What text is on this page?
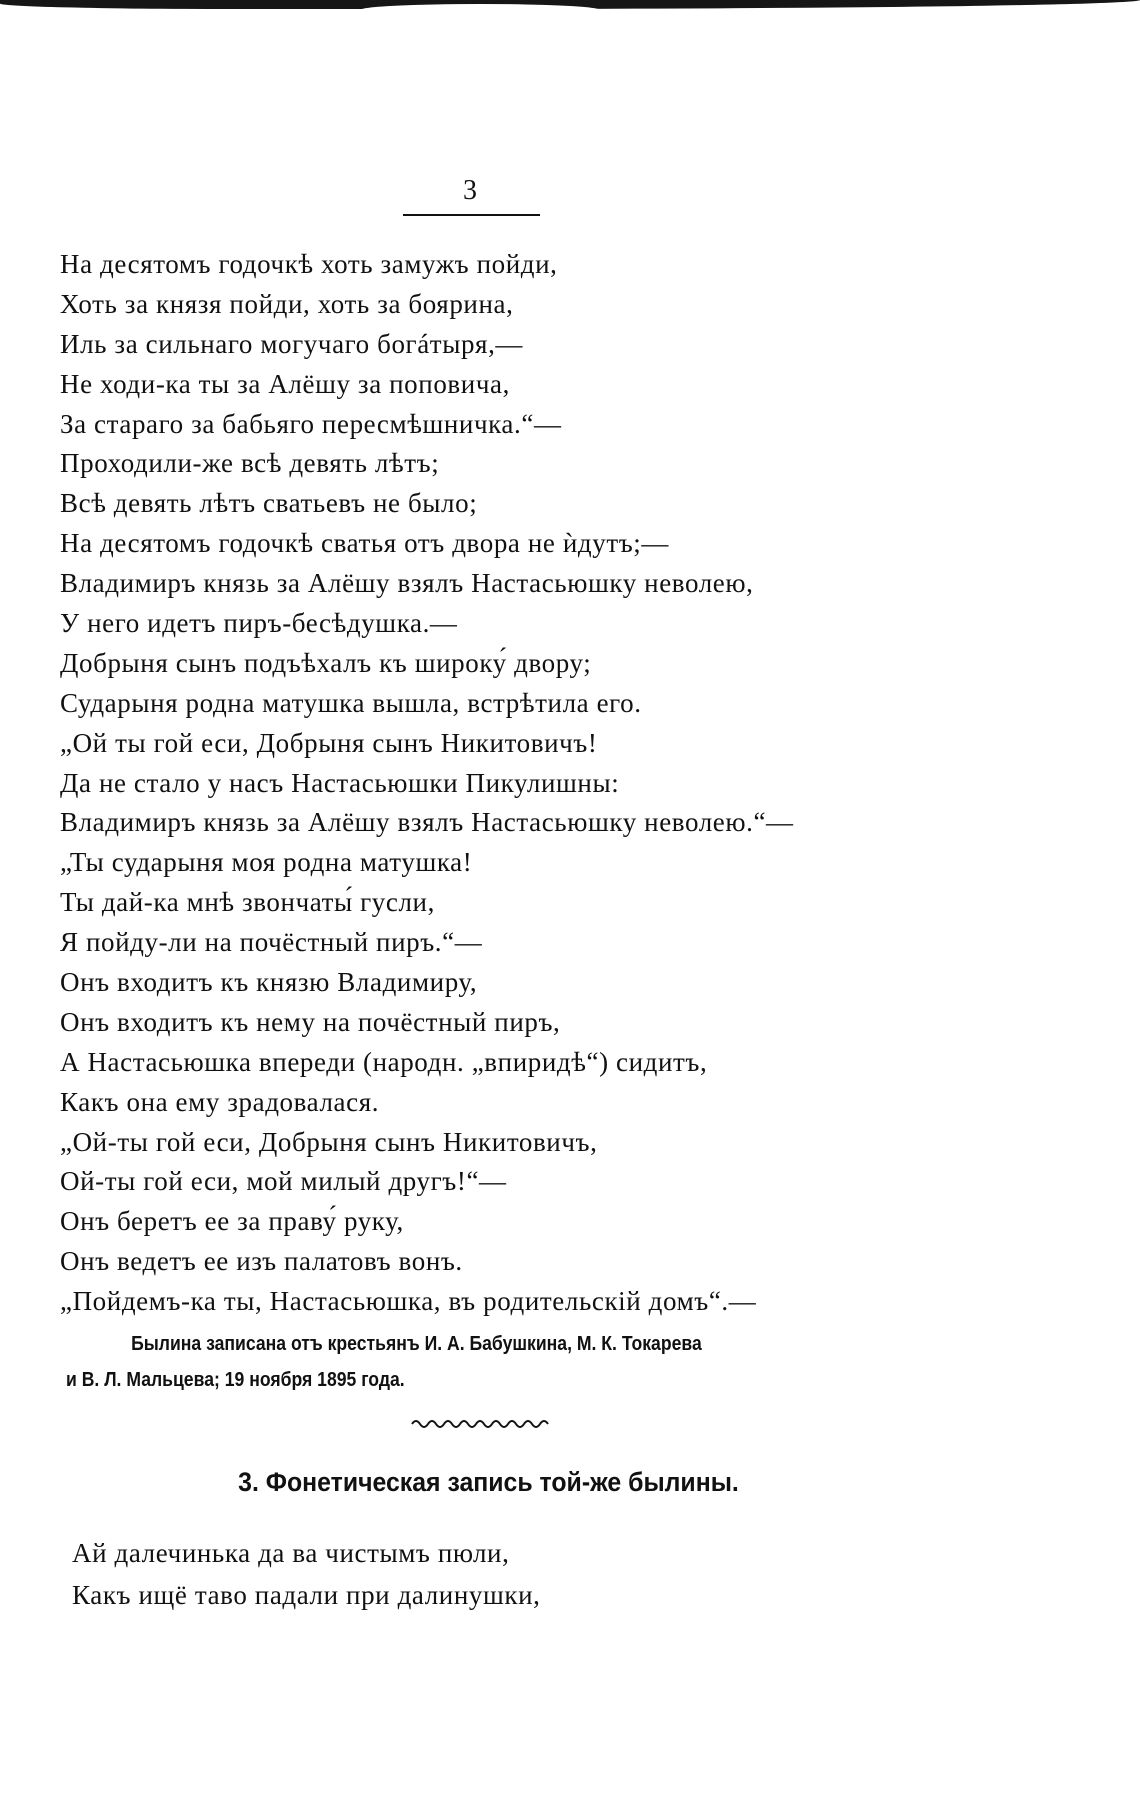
3
На десятомъ годочкѣ хоть замужъ пойди,
Хоть за князя пойди, хоть за боярина,
Иль за сильнаго могучаго богáтыря,—
Не ходи-ка ты за Алёшу за поповича,
За стараго за бабьяго пересмѣшничка.“—
Проходили-же всѣ девять лѣтъ;
Всѣ девять лѣтъ сватьевъ не было;
На десятомъ годочкѣ сватья отъ двора не ѝдутъ;—
Владимиръ князь за Алёшу взялъ Настасьюшку неволею,
У него идетъ пиръ-бесѣдушка.—
Добрыня сынъ подъѣхалъ къ широку́ двору;
Сударыня родна матушка вышла, встрѣтила его.
„Ой ты гой еси, Добрыня сынъ Никитовичъ!
Да не стало у насъ Настасьюшки Пикулишны:
Владимиръ князь за Алёшу взялъ Настасьюшку неволею.“—
„Ты сударыня моя родна матушка!
Ты дай-ка мнѣ звончаты́ гусли,
Я пойду-ли на почёстный пиръ.“—
Онъ входитъ къ князю Владимиру,
Онъ входитъ къ нему на почёстный пиръ,
А Настасьюшка впереди (народн. „впиридѣ“) сидитъ,
Какъ она ему зрадовалася.
„Ой-ты гой еси, Добрыня сынъ Никитовичъ,
Ой-ты гой еси, мой милый другъ!“—
Онъ беретъ ее за праву́ руку,
Онъ ведетъ ее изъ палатовъ вонъ.
„Пойдемъ-ка ты, Настасьюшка, въ родительскій домъ“.—
Былина записана отъ крестьянъ И. А. Бабушкина, М. К. Токарева
и В. Л. Мальцева; 19 ноября 1895 года.
3. Фонетическая запись той-же былины.
Ай далечинька да ва чистымъ пюли,
Какъ ищё таво падали при далинушки,
